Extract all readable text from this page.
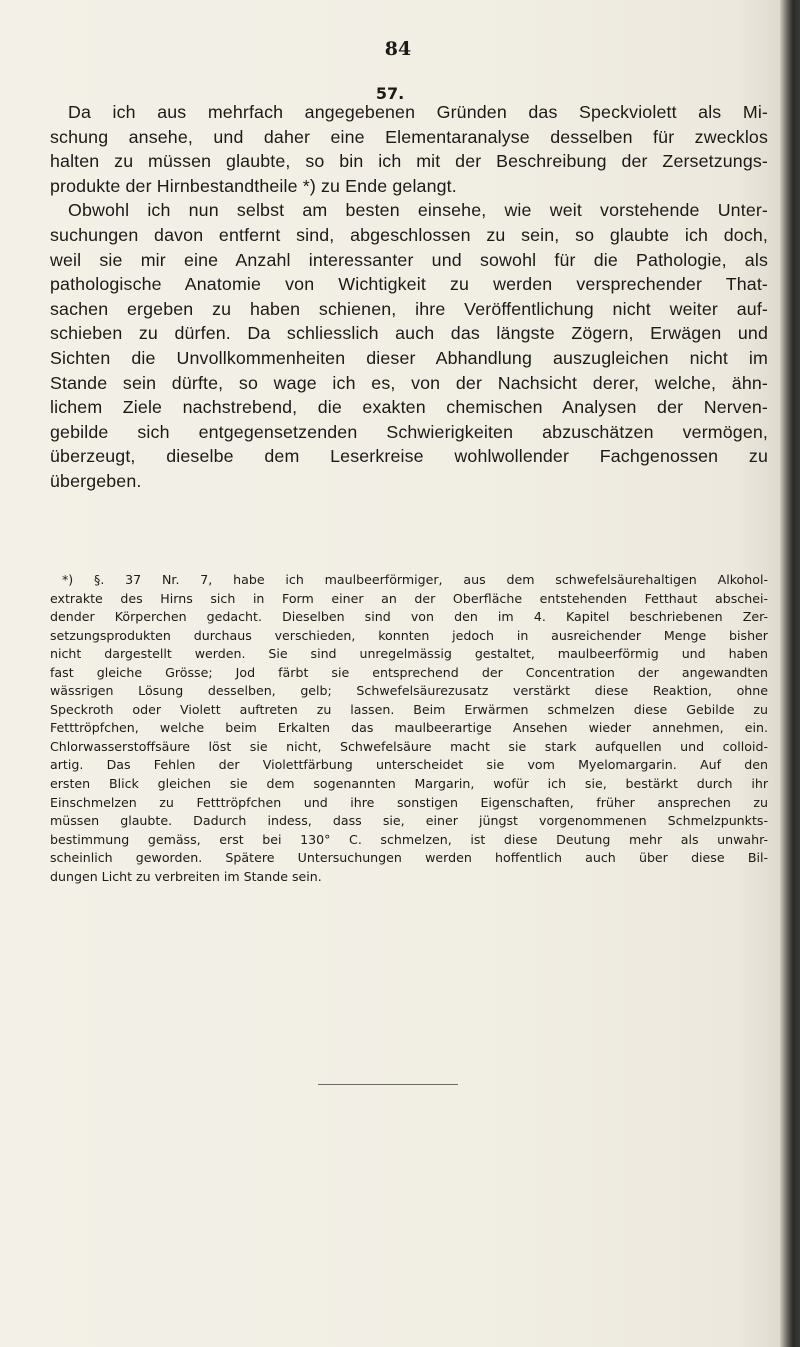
84
57.

Da ich aus mehrfach angegebenen Gründen das Speckviolett als Mi-
schung ansehe, und daher eine Elementaranalyse desselben für zwecklos
halten zu müssen glaubte, so bin ich mit der Beschreibung der Zersetzungs-
produkte der Hirnbestandtheile *) zu Ende gelangt.

Obwohl ich nun selbst am besten einsehe, wie weit vorstehende Unter-
suchungen davon entfernt sind, abgeschlossen zu sein, so glaubte ich doch,
weil sie mir eine Anzahl interessanter und sowohl für die Pathologie, als
pathologische Anatomie von Wichtigkeit zu werden versprechender That-
sachen ergeben zu haben schienen, ihre Veröffentlichung nicht weiter auf-
schieben zu dürfen. Da schliesslich auch das längste Zögern, Erwägen und
Sichten die Unvollkommenheiten dieser Abhandlung auszugleichen nicht im
Stande sein dürfte, so wage ich es, von der Nachsicht derer, welche, ähn-
lichem Ziele nachstrebend, die exakten chemischen Analysen der Nerven-
gebilde sich entgegensetzenden Schwierigkeiten abzuschätzen vermögen,
überzeugt, dieselbe dem Leserkreise wohlwollender Fachgenossen zu
übergeben.

*) §. 37 Nr. 7, habe ich maulbeerförmiger, aus dem schwefelsäurehaltigen Alkohol-
extrakte des Hirns sich in Form einer an der Oberfläche entstehenden Fetthaut abschei-
dender Körperchen gedacht. Dieselben sind von den im 4. Kapitel beschriebenen Zer-
setzungsprodukten durchaus verschieden, konnten jedoch in ausreichender Menge bisher
nicht dargestellt werden. Sie sind unregelmässig gestaltet, maulbeerförmig und haben
fast gleiche Grösse; Jod färbt sie entsprechend der Concentration der angewandten
wässrigen Lösung desselben, gelb; Schwefelsäurezusatz verstärkt diese Reaktion, ohne
Speckroth oder Violett auftreten zu lassen. Beim Erwärmen schmelzen diese Gebilde zu
Fetttröpfchen, welche beim Erkalten das maulbeerartige Ansehen wieder annehmen, ein.
Chlorwasserstoffsäure löst sie nicht, Schwefelsäure macht sie stark aufquellen und colloid-
artig. Das Fehlen der Violettfärbung unterscheidet sie vom Myelomargarin. Auf den
ersten Blick gleichen sie dem sogenannten Margarin, wofür ich sie, bestärkt durch ihr
Einschmelzen zu Fetttröpfchen und ihre sonstigen Eigenschaften, früher ansprechen zu
müssen glaubte. Dadurch indess, dass sie, einer jüngst vorgenommenen Schmelzpunkts-
bestimmung gemäss, erst bei 130° C. schmelzen, ist diese Deutung mehr als unwahr-
scheinlich geworden. Spätere Untersuchungen werden hoffentlich auch über diese Bil-
dungen Licht zu verbreiten im Stande sein.
